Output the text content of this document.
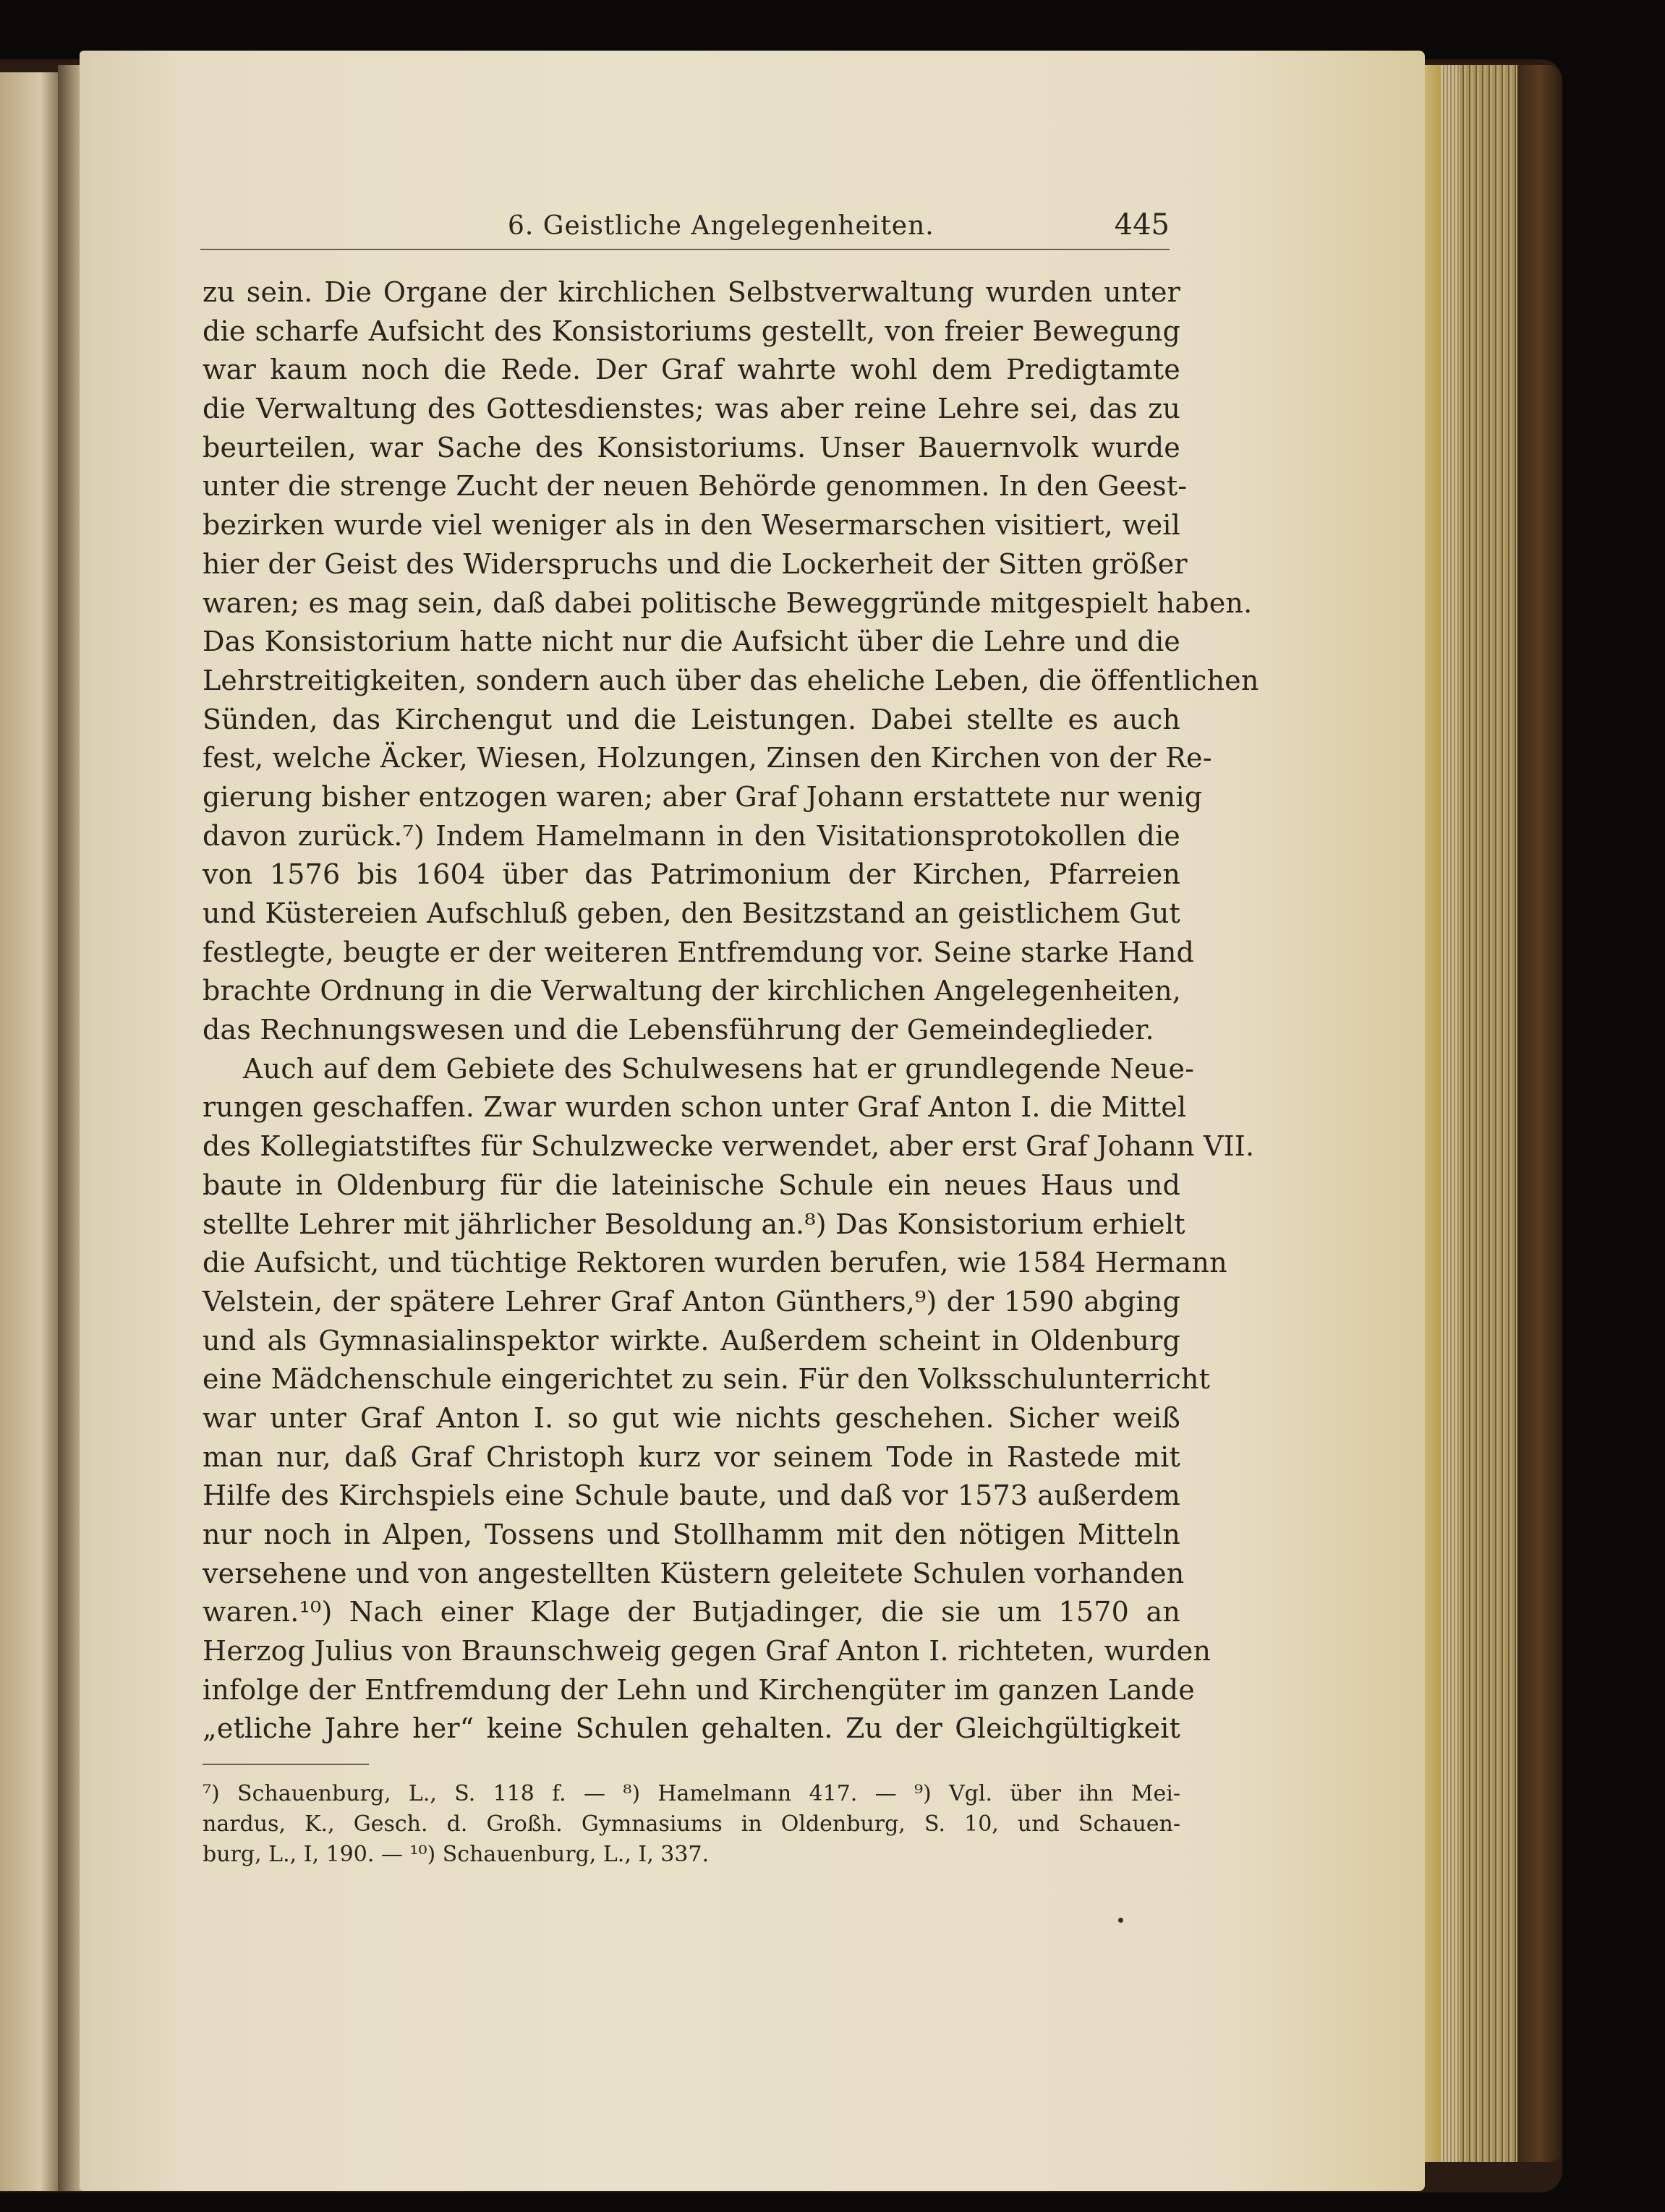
6. Geistliche Angelegenheiten.	445
zu sein. Die Organe der kirchlichen Selbstverwaltung wurden unter
die scharfe Aufsicht des Konsistoriums gestellt, von freier Bewegung
war kaum noch die Rede. Der Graf wahrte wohl dem Predigtamte
die Verwaltung des Gottesdienstes; was aber reine Lehre sei, das zu
beurteilen, war Sache des Konsistoriums. Unser Bauernvolk wurde
unter die strenge Zucht der neuen Behörde genommen. In den Geest-
bezirken wurde viel weniger als in den Wesermarschen visitiert, weil
hier der Geist des Widerspruchs und die Lockerheit der Sitten größer
waren; es mag sein, daß dabei politische Beweggründe mitgespielt haben.
Das Konsistorium hatte nicht nur die Aufsicht über die Lehre und die
Lehrstreitigkeiten, sondern auch über das eheliche Leben, die öffentlichen
Sünden, das Kirchengut und die Leistungen. Dabei stellte es auch
fest, welche Äcker, Wiesen, Holzungen, Zinsen den Kirchen von der Re-
gierung bisher entzogen waren; aber Graf Johann erstattete nur wenig
davon zurück.⁷) Indem Hamelmann in den Visitationsprotokollen die
von 1576 bis 1604 über das Patrimonium der Kirchen, Pfarreien
und Küstereien Aufschluß geben, den Besitzstand an geistlichem Gut
festlegte, beugte er der weiteren Entfremdung vor. Seine starke Hand
brachte Ordnung in die Verwaltung der kirchlichen Angelegenheiten,
das Rechnungswesen und die Lebensführung der Gemeindeglieder.
Auch auf dem Gebiete des Schulwesens hat er grundlegende Neue-
rungen geschaffen. Zwar wurden schon unter Graf Anton I. die Mittel
des Kollegiatstiftes für Schulzwecke verwendet, aber erst Graf Johann VII.
baute in Oldenburg für die lateinische Schule ein neues Haus und
stellte Lehrer mit jährlicher Besoldung an.⁸) Das Konsistorium erhielt
die Aufsicht, und tüchtige Rektoren wurden berufen, wie 1584 Hermann
Velstein, der spätere Lehrer Graf Anton Günthers,⁹) der 1590 abging
und als Gymnasialinspektor wirkte. Außerdem scheint in Oldenburg
eine Mädchenschule eingerichtet zu sein. Für den Volksschulunterricht
war unter Graf Anton I. so gut wie nichts geschehen. Sicher weiß
man nur, daß Graf Christoph kurz vor seinem Tode in Rastede mit
Hilfe des Kirchspiels eine Schule baute, und daß vor 1573 außerdem
nur noch in Alpen, Tossens und Stollhamm mit den nötigen Mitteln
versehene und von angestellten Küstern geleitete Schulen vorhanden
waren.¹⁰) Nach einer Klage der Butjadinger, die sie um 1570 an
Herzog Julius von Braunschweig gegen Graf Anton I. richteten, wurden
infolge der Entfremdung der Lehn und Kirchengüter im ganzen Lande
„etliche Jahre her“ keine Schulen gehalten. Zu der Gleichgültigkeit
⁷) Schauenburg, L., S. 118 f. — ⁸) Hamelmann 417. — ⁹) Vgl. über ihn Mei-
nardus, K., Gesch. d. Großh. Gymnasiums in Oldenburg, S. 10, und Schauen-
burg, L., I, 190. — ¹⁰) Schauenburg, L., I, 337.
